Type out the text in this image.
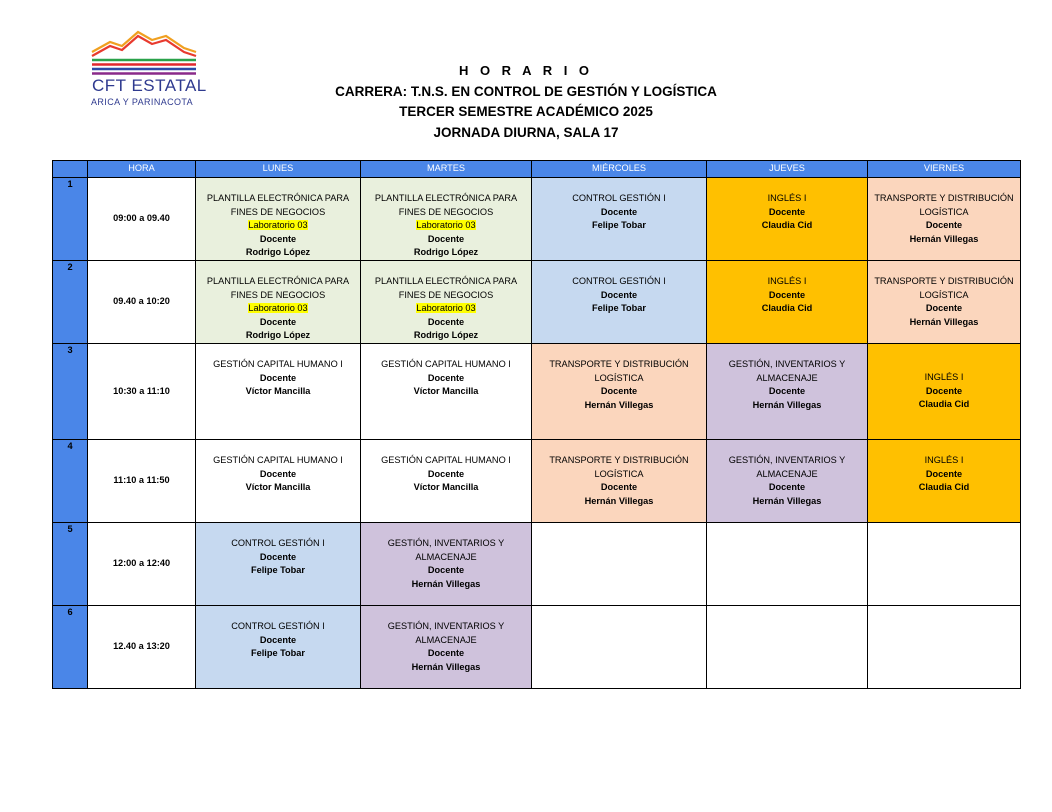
CFT ESTATAL
ARICA Y PARINACOTA
H O R A R I O
CARRERA: T.N.S. EN CONTROL DE GESTIÓN Y LOGÍSTICA
TERCER SEMESTRE ACADÉMICO 2025
JORNADA DIURNA, SALA 17
	HORA	LUNES	MARTES	MIÉRCOLES	JUEVES	VIERNES
1	09:00 a 09.40	PLANTILLA ELECTRÓNICA PARA FINES DE NEGOCIOS
Laboratorio 03
Docente
Rodrigo López	PLANTILLA ELECTRÓNICA PARA FINES DE NEGOCIOS
Laboratorio 03
Docente
Rodrigo López	CONTROL GESTIÓN I
Docente
Felipe Tobar	INGLÉS I
Docente
Claudia Cid	TRANSPORTE Y DISTRIBUCIÓN LOGÍSTICA
Docente
Hernán Villegas

2	09.40 a 10:20	PLANTILLA ELECTRÓNICA PARA FINES DE NEGOCIOS
Laboratorio 03
Docente
Rodrigo López	PLANTILLA ELECTRÓNICA PARA FINES DE NEGOCIOS
Laboratorio 03
Docente
Rodrigo López	CONTROL GESTIÓN I
Docente
Felipe Tobar	INGLÉS I
Docente
Claudia Cid	TRANSPORTE Y DISTRIBUCIÓN LOGÍSTICA
Docente
Hernán Villegas

3	10:30 a 11:10	GESTIÓN CAPITAL HUMANO I
Docente
Víctor Mancilla	GESTIÓN CAPITAL HUMANO I
Docente
Víctor Mancilla	TRANSPORTE Y DISTRIBUCIÓN LOGÍSTICA
Docente
Hernán Villegas	GESTIÓN, INVENTARIOS Y ALMACENAJE
Docente
Hernán Villegas	INGLÉS I
Docente
Claudia Cid

4	11:10 a 11:50	GESTIÓN CAPITAL HUMANO I
Docente
Víctor Mancilla	GESTIÓN CAPITAL HUMANO I
Docente
Víctor Mancilla	TRANSPORTE Y DISTRIBUCIÓN LOGÍSTICA
Docente
Hernán Villegas	GESTIÓN, INVENTARIOS Y ALMACENAJE
Docente
Hernán Villegas	INGLÉS I
Docente
Claudia Cid

5	12:00 a 12:40	CONTROL GESTIÓN I
Docente
Felipe Tobar	GESTIÓN, INVENTARIOS Y ALMACENAJE
Docente
Hernán Villegas			

6	12.40 a 13:20	CONTROL GESTIÓN I
Docente
Felipe Tobar	GESTIÓN, INVENTARIOS Y ALMACENAJE
Docente
Hernán Villegas			
